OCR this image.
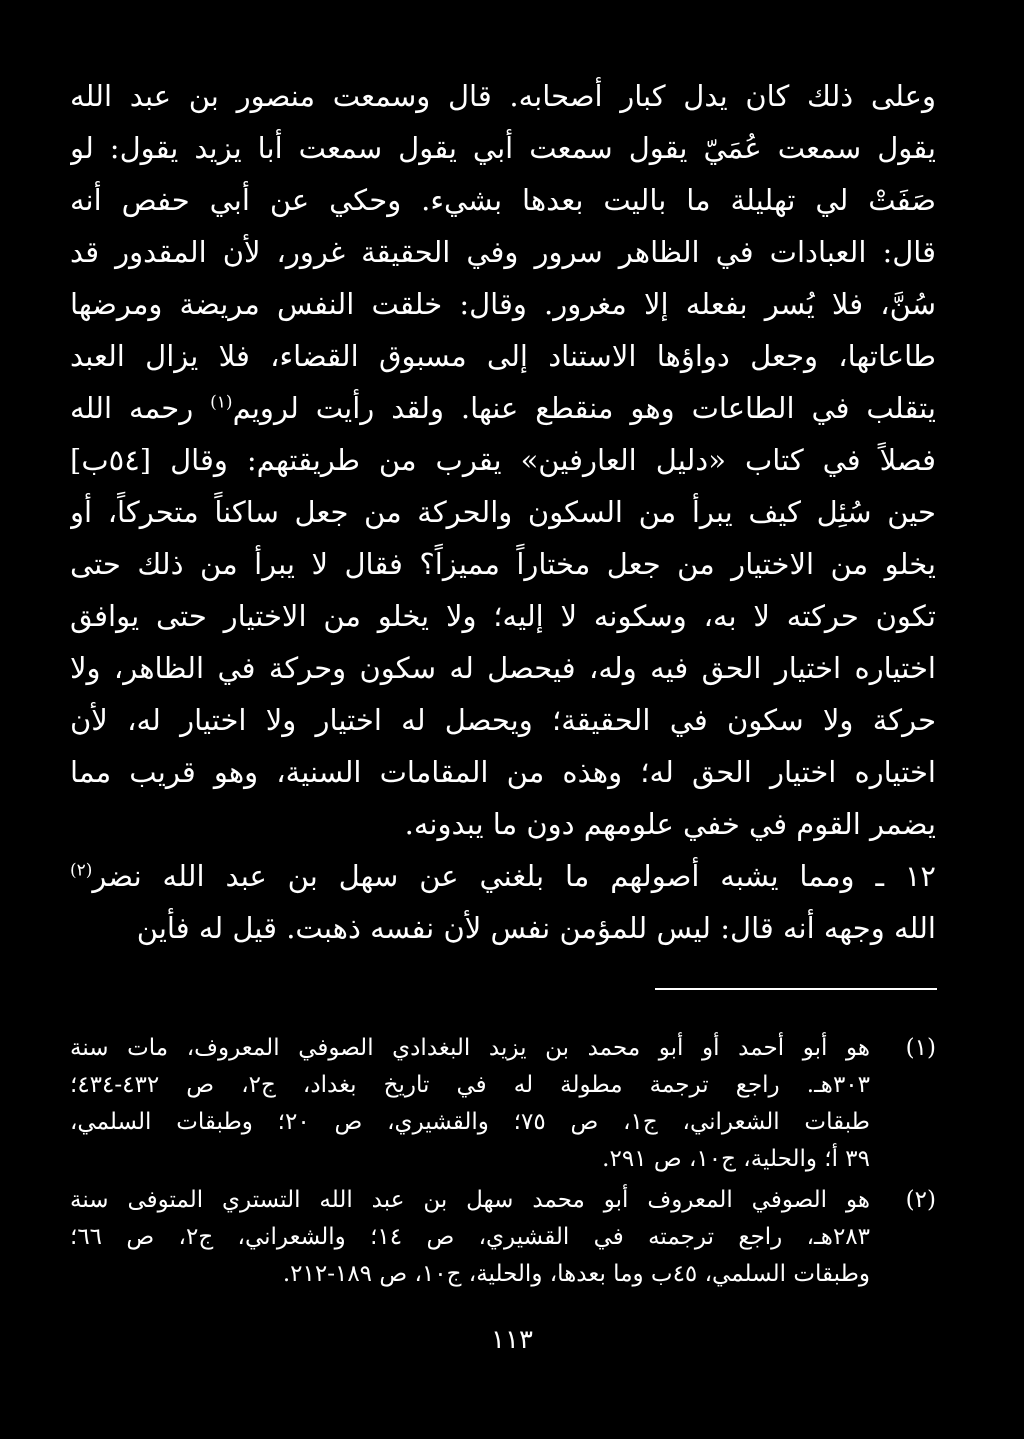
وعلى ذلك كان يدل كبار أصحابه. قال وسمعت منصور بن عبد الله
يقول سمعت عُمَيّ يقول سمعت أبي يقول سمعت أبا يزيد يقول: لو
صَفَتْ لي تهليلة ما باليت بعدها بشيء. وحكي عن أبي حفص أنه
قال: العبادات في الظاهر سرور وفي الحقيقة غرور، لأن المقدور قد
سُنَّ، فلا يُسر بفعله إلا مغرور. وقال: خلقت النفس مريضة ومرضها
طاعاتها، وجعل دواؤها الاستناد إلى مسبوق القضاء، فلا يزال العبد
يتقلب في الطاعات وهو منقطع عنها. ولقد رأيت لرويم$^{(١)}$ رحمه الله
فصلاً في كتاب «دليل العارفين» يقرب من طريقتهم: وقال [٥٤ب]
حين سُئِل كيف يبرأ من السكون والحركة من جعل ساكناً متحركاً، أو
يخلو من الاختيار من جعل مختاراً مميزاً؟ فقال لا يبرأ من ذلك حتى
تكون حركته لا به، وسكونه لا إليه؛ ولا يخلو من الاختيار حتى يوافق
اختياره اختيار الحق فيه وله، فيحصل له سكون وحركة في الظاهر، ولا
حركة ولا سكون في الحقيقة؛ ويحصل له اختيار ولا اختيار له، لأن
اختياره اختيار الحق له؛ وهذه من المقامات السنية، وهو قريب مما
يضمر القوم في خفي علومهم دون ما يبدونه.
١٢ ـ ومما يشبه أصولهم ما بلغني عن سهل بن عبد الله نضر$^{(٢)}$
الله وجهه أنه قال: ليس للمؤمن نفس لأن نفسه ذهبت. قيل له فأين

(١)
هو أبو أحمد أو أبو محمد بن يزيد البغدادي الصوفي المعروف، مات سنة
٣٠٣هـ. راجع ترجمة مطولة له في تاريخ بغداد، ج٢، ص ٤٣٢-٤٣٤؛
طبقات الشعراني، ج١، ص ٧٥؛ والقشيري، ص ٢٠؛ وطبقات السلمي،
٣٩ أ؛ والحلية، ج١٠، ص ٢٩١.
(٢)
هو الصوفي المعروف أبو محمد سهل بن عبد الله التستري المتوفى سنة
٢٨٣هـ، راجع ترجمته في القشيري، ص ١٤؛ والشعراني، ج٢، ص ٦٦؛
وطبقات السلمي، ٤٥ب وما بعدها، والحلية، ج١٠، ص ١٨٩-٢١٢.
١١٣
